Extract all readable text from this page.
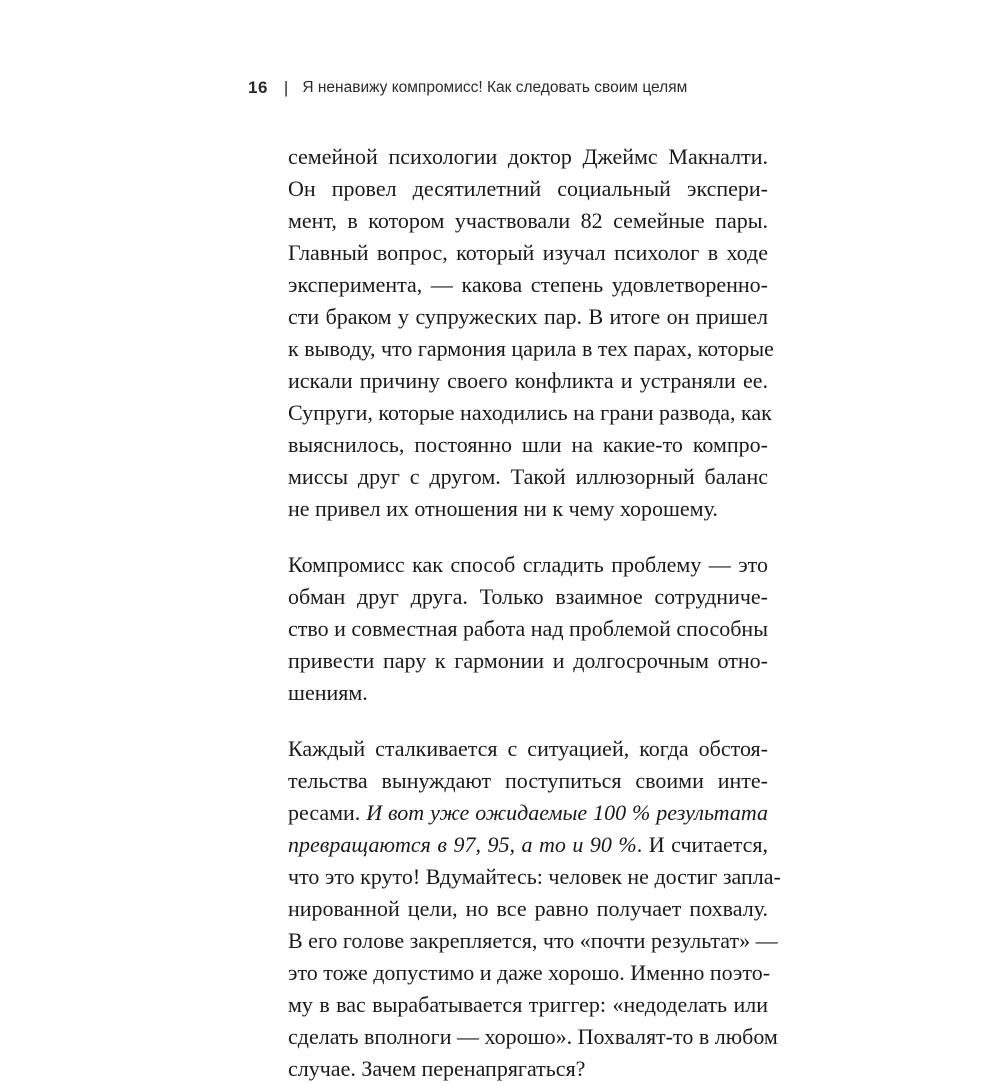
16 | Я ненавижу компромисс! Как следовать своим целям

семейной психологии доктор Джеймс Макналти.
Он провел десятилетний социальный экспери-
мент, в котором участвовали 82 семейные пары.
Главный вопрос, который изучал психолог в ходе
эксперимента, — какова степень удовлетворенно-
сти браком у супружеских пар. В итоге он пришел
к выводу, что гармония царила в тех парах, которые
искали причину своего конфликта и устраняли ее.
Супруги, которые находились на грани развода, как
выяснилось, постоянно шли на какие-то компро-
миссы друг с другом. Такой иллюзорный баланс
не привел их отношения ни к чему хорошему.

Компромисс как способ сгладить проблему — это
обман друг друга. Только взаимное сотрудниче-
ство и совместная работа над проблемой способны
привести пару к гармонии и долгосрочным отно-
шениям.

Каждый сталкивается с ситуацией, когда обстоя-
тельства вынуждают поступиться своими инте-
ресами. И вот уже ожидаемые 100 % результата
превращаются в 97, 95, а то и 90 %. И считается,
что это круто! Вдумайтесь: человек не достиг запла-
нированной цели, но все равно получает похвалу.
В его голове закрепляется, что «почти результат» —
это тоже допустимо и даже хорошо. Именно поэто-
му в вас вырабатывается триггер: «недоделать или
сделать вполноги — хорошо». Похвалят-то в любом
случае. Зачем перенапрягаться?
